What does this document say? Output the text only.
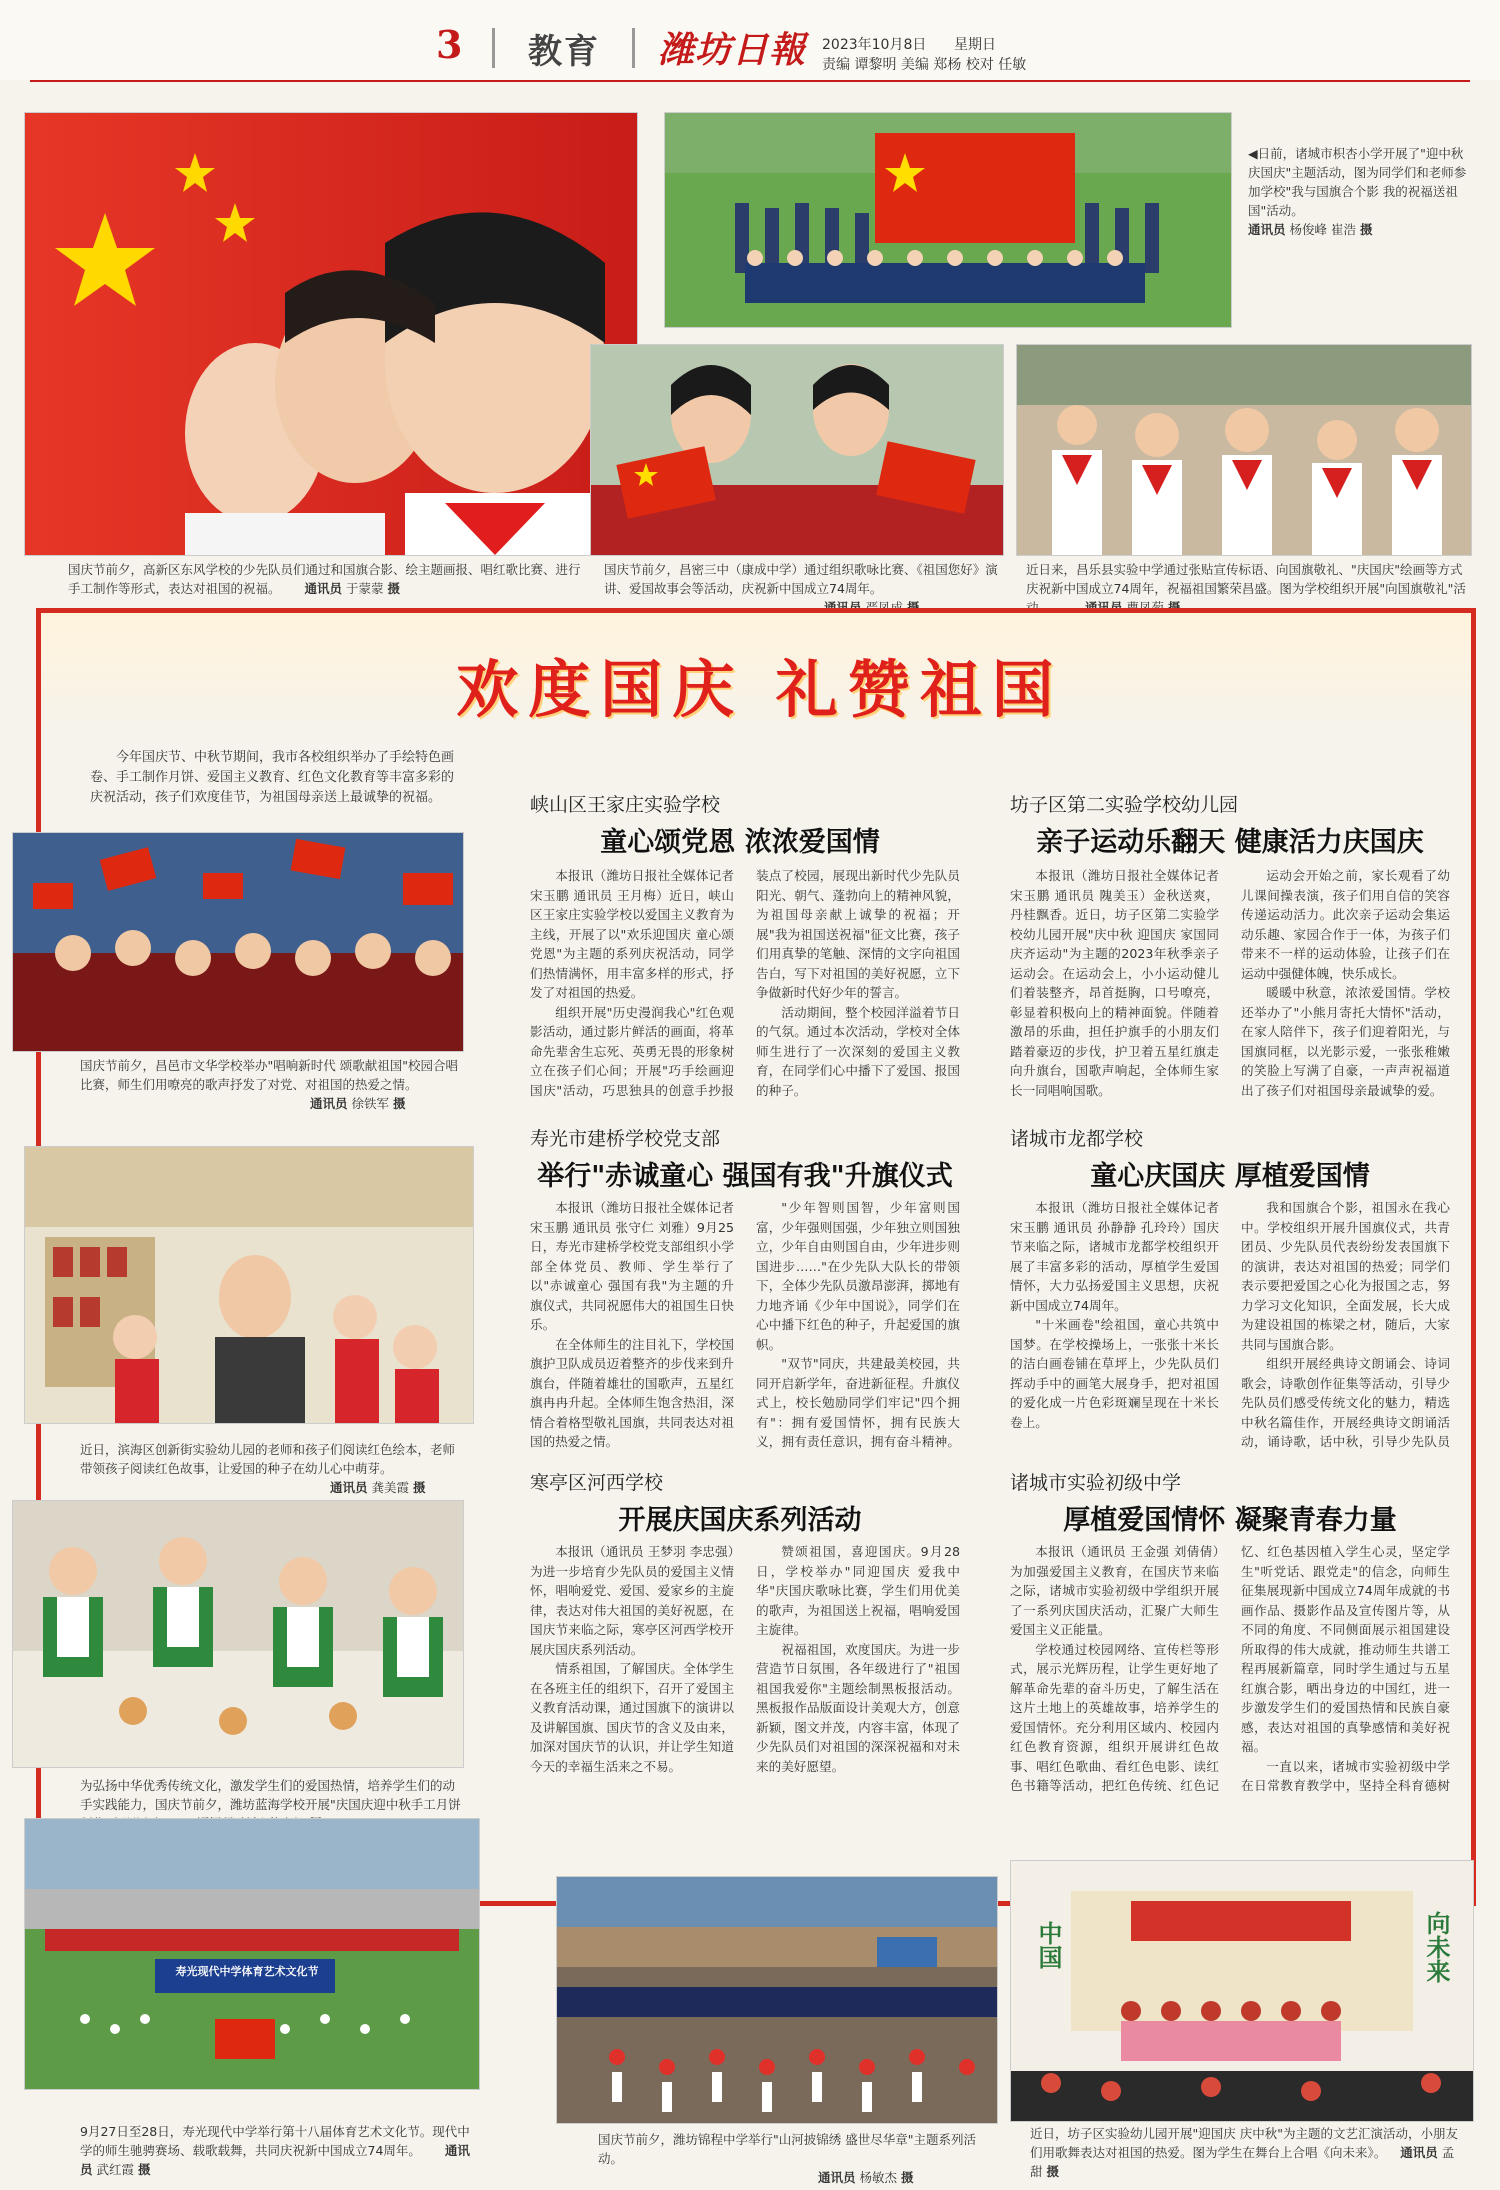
3 教育 潍坊日報 2023年10月8日 星期日
责编 谭黎明 美编 郑杨 校对 任敏
国庆节前夕，高新区东风学校的少先队员们通过和国旗合影、绘主题画报、唱红歌比赛、进行手工制作等形式，表达对祖国的祝福。 通讯员 于蒙蒙 摄
◀日前，诸城市枳杏小学开展了"迎中秋 庆国庆"主题活动，图为同学们和老师参加学校"我与国旗合个影 我的祝福送祖国"活动。
通讯员 杨俊峰 崔浩 摄
国庆节前夕，昌密三中（康成中学）通过组织歌咏比赛、《祖国您好》演讲、爱国故事会等活动，庆祝新中国成立74周年。

近日来，昌乐县实验中学通过张贴宣传标语、向国旗敬礼、"庆国庆"绘画等方式庆祝新中国成立74周年，祝福祖国繁荣昌盛。图为学校组织开展"向国旗敬礼"活
欢度国庆 礼赞祖国
今年国庆节、中秋节期间，我市各校组织举办了手绘特色画卷、手工制作月饼、爱国主义教育、红色文化教育等丰富多彩的庆祝活动，孩子们欢度佳节，为祖国母亲送上最诚挚的祝福。
国庆节前夕，昌邑市文华学校举办"唱响新时代 颂歌献祖国"校园合唱比赛，师生们用嘹亮的歌声抒发了对党、对祖国的热爱之情。
通讯员 徐铁军 摄
近日，滨海区创新街实验幼儿园的老师和孩子们阅读红色绘本，老师带领孩子阅读红色故事，让爱国的种子在幼儿心中萌芽。
通讯员 龚美霞 摄
为弘扬中华优秀传统文化，激发学生们的爱国热情，培养学生们的动手实践能力，国庆节前夕，潍坊蓝海学校开展"庆国庆迎中秋手工月饼
寿光现代中学体育艺术文化节
9月27日至28日，寿光现代中学举行第十八届体育艺术文化节。现代中学的师生驰骋赛场、载歌载舞，共同庆祝新中国成立74周年。 通讯员 武红霞 摄
峡山区王家庄实验学校
童心颂党恩 浓浓爱国情

本报讯（潍坊日报社全媒体记者 宋玉鹏 通讯员 王月梅）近日，峡山区王家庄实验学校以爱国主义教育为主线，开展了以"欢乐迎国庆 童心颂党恩"为主题的系列庆祝活动，同学们热情满怀，用丰富多样的形式，抒发了对祖国的热爱。

组织开展"历史漫润我心"红色观影活动，通过影片鲜活的画面，将革命先辈舍生忘死、英勇无畏的形象树立在孩子们心间；开展"巧手绘画迎国庆"活动，巧思独具的创意手抄报装点了校园，展现出新时代少先队员阳光、朝气、蓬勃向上的精神风貌，为祖国母亲献上诚挚的祝福；开展"我为祖国送祝福"征文比赛，孩子们用真挚的笔触、深情的文字向祖国告白，写下对祖国的美好祝愿，立下争做新时代好少年的誓言。

活动期间，整个校园洋溢着节日的气氛。通过本次活动，学校对全体师生进行了一次深刻的爱国主义教育，在同学们心中播下了爱国、报国的种子。

坊子区第二实验学校幼儿园
亲子运动乐翻天 健康活力庆国庆

本报讯（潍坊日报社全媒体记者 宋玉鹏 通讯员 隗美玉）金秋送爽，丹桂飘香。近日，坊子区第二实验学校幼儿园开展"庆中秋 迎国庆 家国同庆齐运动"为主题的2023年秋季亲子运动会。在运动会上，小小运动健儿们着装整齐，昂首挺胸，口号嘹亮，彰显着积极向上的精神面貌。伴随着激昂的乐曲，担任护旗手的小朋友们踏着豪迈的步伐，护卫着五星红旗走向升旗台，国歌声响起，全体师生家长一同唱响国歌。

运动会开始之前，家长观看了幼儿课间操表演，孩子们用自信的笑容传递运动活力。此次亲子运动会集运动乐趣、家园合作于一体，为孩子们带来不一样的运动体验，让孩子们在运动中强健体魄，快乐成长。

暖暖中秋意，浓浓爱国情。学校还举办了"小熊月寄托大情怀"活动，在家人陪伴下，孩子们迎着阳光，与国旗同框，以光影示爱，一张张稚嫩的笑脸上写满了自豪，一声声祝福道出了孩子们对祖国母亲最诚挚的爱。

寿光市建桥学校党支部
举行"赤诚童心 强国有我"升旗仪式

本报讯（潍坊日报社全媒体记者 宋玉鹏 通讯员 张守仁 刘雅）9月25日，寿光市建桥学校党支部组织小学部全体党员、教师、学生举行了以"赤诚童心 强国有我"为主题的升旗仪式，共同祝愿伟大的祖国生日快乐。

在全体师生的注目礼下，学校国旗护卫队成员迈着整齐的步伐来到升旗台，伴随着雄壮的国歌声，五星红旗冉冉升起。全体师生饱含热泪，深情合着格型敬礼国旗，共同表达对祖国的热爱之情。

"少年智则国智，少年富则国富，少年强则国强，少年独立则国独立，少年自由则国自由，少年进步则国进步……"在少先队大队长的带领下，全体少先队员激昂澎湃，掷地有力地齐诵《少年中国说》，同学们在心中播下红色的种子，升起爱国的旗帜。

"双节"同庆，共建最美校园，共同开启新学年，奋进新征程。升旗仪式上，校长勉励同学们牢记"四个拥有"：拥有爱国情怀，拥有民族大义，拥有责任意识，拥有奋斗精神。

诸城市龙都学校
童心庆国庆 厚植爱国情

本报讯（潍坊日报社全媒体记者 宋玉鹏 通讯员 孙静静 孔玲玲）国庆节来临之际，诸城市龙都学校组织开展了丰富多彩的活动，厚植学生爱国情怀，大力弘扬爱国主义思想，庆祝新中国成立74周年。

"十米画卷"绘祖国，童心共筑中国梦。在学校操场上，一张张十米长的洁白画卷铺在草坪上，少先队员们挥动手中的画笔大展身手，把对祖国的爱化成一片色彩斑斓呈现在十米长卷上。

我和国旗合个影，祖国永在我心中。学校组织开展升国旗仪式，共青团员、少先队员代表纷纷发表国旗下的演讲，表达对祖国的热爱；同学们表示要把爱国之心化为报国之志，努力学习文化知识，全面发展，长大成为建设祖国的栋梁之材，随后，大家共同与国旗合影。

组织开展经典诗文朗诵会、诗词歌会，诗歌创作征集等活动，引导少先队员们感受传统文化的魅力，精选中秋名篇佳作，开展经典诗文朗诵活动，诵诗歌，话中秋，引导少先队员

寒亭区河西学校
开展庆国庆系列活动

本报讯（通讯员 王梦羽 李忠强）为进一步培育少先队员的爱国主义情怀，唱响爱党、爱国、爱家乡的主旋律，表达对伟大祖国的美好祝愿，在国庆节来临之际，寒亭区河西学校开展庆国庆系列活动。

情系祖国，了解国庆。全体学生在各班主任的组织下，召开了爱国主义教育活动课，通过国旗下的演讲以及讲解国旗、国庆节的含义及由来，加深对国庆节的认识，并让学生知道今天的幸福生活来之不易。

赞颂祖国，喜迎国庆。9月28日，学校举办"同迎国庆 爱我中华"庆国庆歌咏比赛，学生们用优美的歌声，为祖国送上祝福，唱响爱国主旋律。

祝福祖国，欢度国庆。为进一步营造节日氛围，各年级进行了"祖国祖国我爱你"主题绘制黑板报活动。黑板报作品版面设计美观大方，创意新颖，图文并茂，内容丰富，体现了少先队员们对祖国的深深祝福和对未来的美好愿望。

诸城市实验初级中学
厚植爱国情怀 凝聚青春力量

本报讯（通讯员 王金强 刘倩倩）为加强爱国主义教育，在国庆节来临之际，诸城市实验初级中学组织开展了一系列庆国庆活动，汇聚广大师生爱国主义正能量。

学校通过校园网络、宣传栏等形式，展示光辉历程，让学生更好地了解革命先辈的奋斗历史，了解生活在这片土地上的英雄故事，培养学生的爱国情怀。充分利用区域内、校园内红色教育资源，组织开展讲红色故事、唱红色歌曲、看红色电影、读红色书籍等活动，把红色传统、红色记忆、红色基因植入学生心灵，坚定学生"听党话、跟党走"的信念，向师生征集展现新中国成立74周年成就的书画作品、摄影作品及宣传图片等，从不同的角度、不同侧面展示祖国建设所取得的伟大成就，推动师生共谱工程再展新篇章，同时学生通过与五星红旗合影，晒出身边的中国红，进一步激发学生们的爱国热情和民族自豪感，表达对祖国的真挚感情和美好祝福。

一直以来，诸城市实验初级中学在日常教育教学中，坚持全科育德树

国庆节前夕，潍坊锦程中学举行"山河披锦绣 盛世尽华章"主题系列活动。
通讯员 杨敏杰 摄
中国	向未来
近日，坊子区实验幼儿园开展"迎国庆 庆中秋"为主题的文艺汇演活动，小朋友们用歌舞表达对祖国的热爱。图为学生在舞台上合唱《向未来》。 通讯员 孟甜 摄
